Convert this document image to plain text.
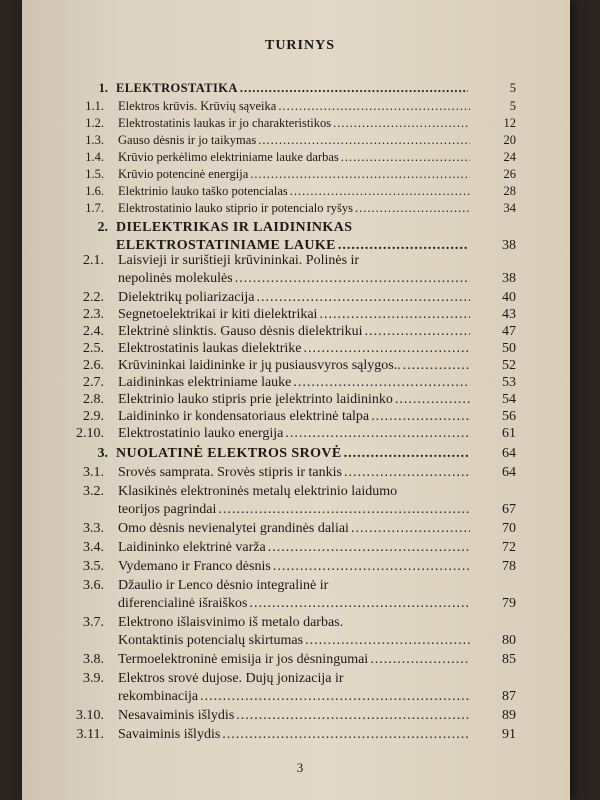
TURINYS
1. ELEKTROSTATIKA .....	5
1.1. Elektros krūvis. Krūvių sąveika .....	5
1.2. Elektrostatinis laukas ir jo charakteristikos .....	12
1.3. Gauso dėsnis ir jo taikymas .....	20
1.4. Krūvio perkėlimo elektriniame lauke darbas .....	24
1.5. Krūvio potencinė energija .....	26
1.6. Elektrinio lauko taško potencialas .....	28
1.7. Elektrostatinio lauko stiprio ir potencialo ryšys .....	34
2. DIELEKTRIKAS IR LAIDININKAS
ELEKTROSTATINIAME LAUKE .....	38
2.1. Laisvieji ir surištieji krūvininkai. Polinės ir
nepolinės molekulės .....	38
2.2. Dielektrikų poliarizacija .....	40
2.3. Segnetoelektrikai ir kiti dielektrikai .....	43
2.4. Elektrinė slinktis. Gauso dėsnis dielektrikui .....	47
2.5. Elektrostatinis laukas dielektrike .....	50
2.6. Krūvininkai laidininke ir jų pusiausvyros sąlygos.. .....	52
2.7. Laidininkas elektriniame lauke .....	53
2.8. Elektrinio lauko stipris prie įelektrinto laidininko .....	54
2.9. Laidininko ir kondensatoriaus elektrinė talpa .....	56
2.10. Elektrostatinio lauko energija .....	61
3. NUOLATINĖ ELEKTROS SROVĖ .....	64
3.1. Srovės samprata. Srovės stipris ir tankis .....	64
3.2. Klasikinės elektroninės metalų elektrinio laidumo
teorijos pagrindai .....	67
3.3. Omo dėsnis nevienalytei grandinės daliai .....	70
3.4. Laidininko elektrinė varža .....	72
3.5. Vydemano ir Franco dėsnis .....	78
3.6. Džaulio ir Lenco dėsnio integralinė ir
diferencialinė išraiškos .....	79
3.7. Elektrono išlaisvinimo iš metalo darbas.
Kontaktinis potencialų skirtumas .....	80
3.8. Termoelektroninė emisija ir jos dėsningumai .....	85
3.9. Elektros srovė dujose. Dujų jonizacija ir
rekombinacija .....	87
3.10. Nesavaiminis išlydis .....	89
3.11. Savaiminis išlydis .....	91
3
